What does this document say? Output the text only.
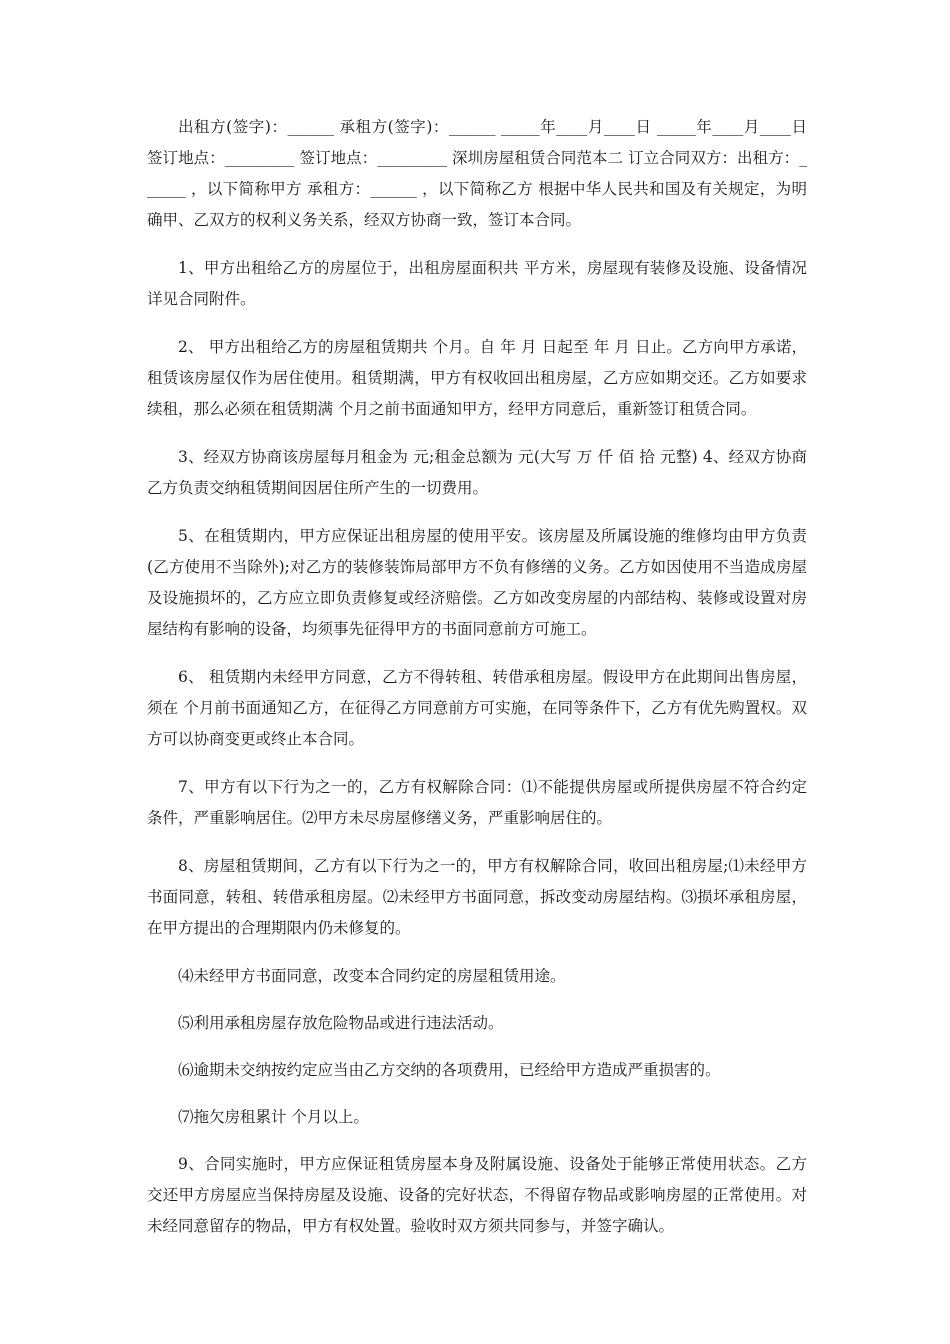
出租方(签字)：______ 承租方(签字)：______ _____年____月____日 _____年____月____日 签订地点：_________ 签订地点：_________ 深圳房屋租赁合同范本二 订立合同双方：出租方：______ ，以下简称甲方 承租方：______ ，以下简称乙方 根据中华人民共和国及有关规定，为明确甲、乙双方的权利义务关系，经双方协商一致，签订本合同。

1、甲方出租给乙方的房屋位于，出租房屋面积共 平方米，房屋现有装修及设施、设备情况详见合同附件。

2、 甲方出租给乙方的房屋租赁期共 个月。自 年 月 日起至 年 月 日止。乙方向甲方承诺，租赁该房屋仅作为居住使用。租赁期满，甲方有权收回出租房屋，乙方应如期交还。乙方如要求续租，那么必须在租赁期满 个月之前书面通知甲方，经甲方同意后，重新签订租赁合同。

3、经双方协商该房屋每月租金为 元;租金总额为 元(大写 万 仟 佰 拾 元整) 4、经双方协商乙方负责交纳租赁期间因居住所产生的一切费用。

5、在租赁期内，甲方应保证出租房屋的使用平安。该房屋及所属设施的维修均由甲方负责(乙方使用不当除外);对乙方的装修装饰局部甲方不负有修缮的义务。乙方如因使用不当造成房屋及设施损坏的，乙方应立即负责修复或经济赔偿。乙方如改变房屋的内部结构、装修或设置对房屋结构有影响的设备，均须事先征得甲方的书面同意前方可施工。

6、 租赁期内未经甲方同意，乙方不得转租、转借承租房屋。假设甲方在此期间出售房屋，须在 个月前书面通知乙方，在征得乙方同意前方可实施，在同等条件下，乙方有优先购置权。双方可以协商变更或终止本合同。

7、甲方有以下行为之一的，乙方有权解除合同：⑴不能提供房屋或所提供房屋不符合约定条件，严重影响居住。⑵甲方未尽房屋修缮义务，严重影响居住的。

8、房屋租赁期间，乙方有以下行为之一的，甲方有权解除合同，收回出租房屋;⑴未经甲方书面同意，转租、转借承租房屋。⑵未经甲方书面同意，拆改变动房屋结构。⑶损坏承租房屋，在甲方提出的合理期限内仍未修复的。

⑷未经甲方书面同意，改变本合同约定的房屋租赁用途。

⑸利用承租房屋存放危险物品或进行违法活动。

⑹逾期未交纳按约定应当由乙方交纳的各项费用，已经给甲方造成严重损害的。

⑺拖欠房租累计 个月以上。

9、合同实施时，甲方应保证租赁房屋本身及附属设施、设备处于能够正常使用状态。乙方交还甲方房屋应当保持房屋及设施、设备的完好状态，不得留存物品或影响房屋的正常使用。对未经同意留存的物品，甲方有权处置。验收时双方须共同参与，并签字确认。
